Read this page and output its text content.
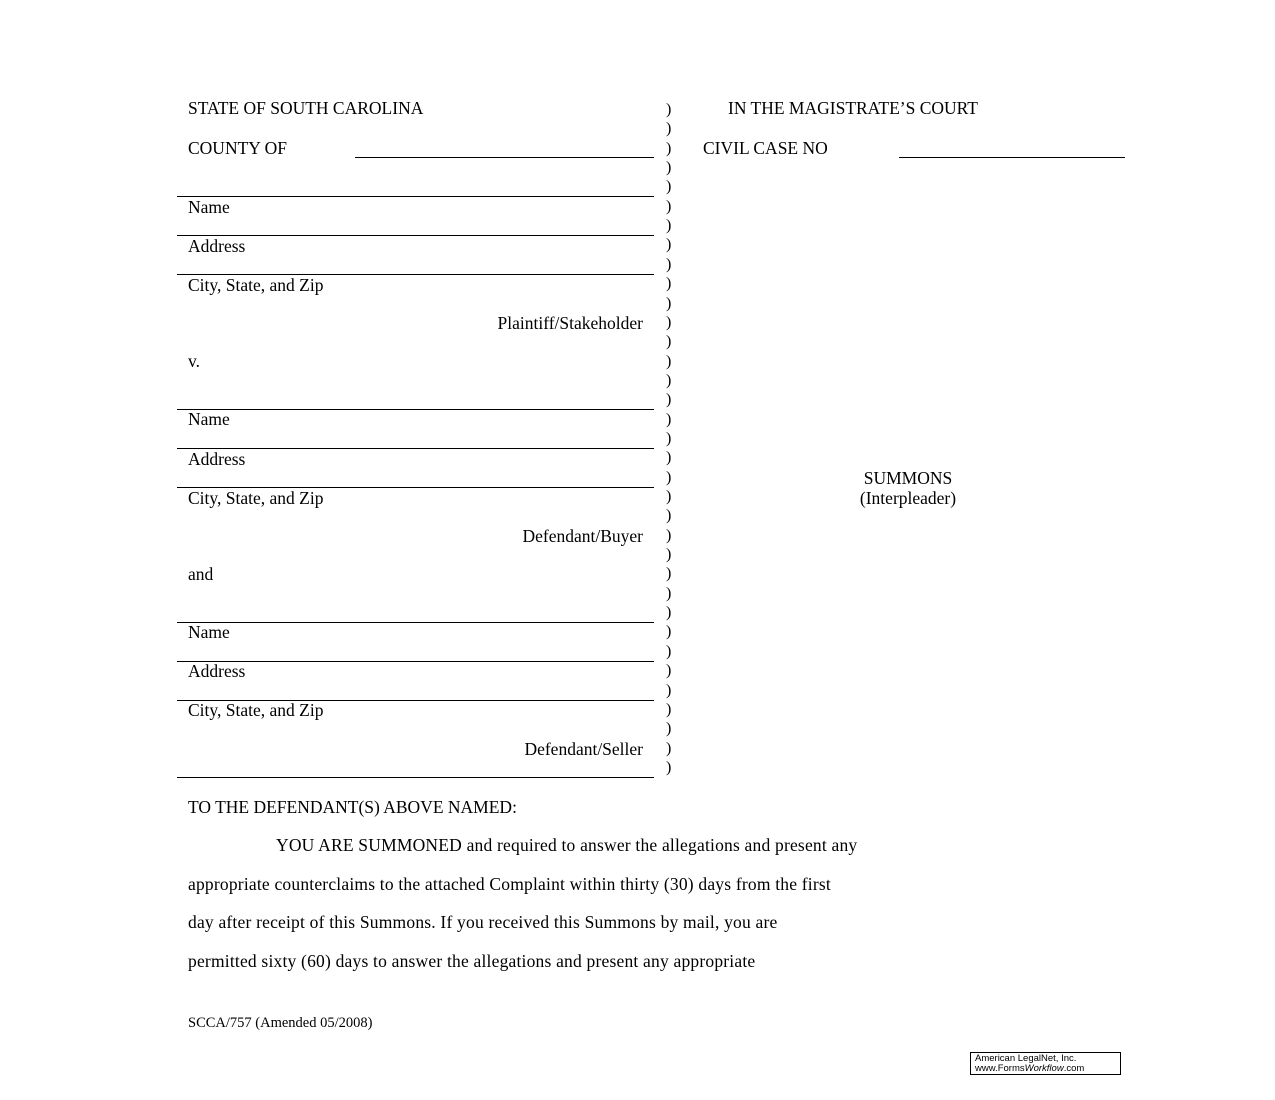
STATE OF SOUTH CAROLINA	IN THE MAGISTRATE’S COURT
COUNTY OF	CIVIL CASE NO
Name
Address
City, State, and Zip
Plaintiff/Stakeholder
v.
Name
Address
City, State, and Zip
Defendant/Buyer
and
Name
Address
City, State, and Zip
Defendant/Seller
)
)
)
)
)
)
)
)
)
)
)
)
)
)
)
)
)
)
)
)
)
)
)
)
)
)
)
)
)
)
)
)
)
)
)
SUMMONS
(Interpleader)
TO THE DEFENDANT(S) ABOVE NAMED:
YOU ARE SUMMONED and required to answer the allegations and present any
appropriate counterclaims to the attached Complaint within thirty (30) days from the first
day after receipt of this Summons. If you received this Summons by mail, you are
permitted sixty (60) days to answer the allegations and present any appropriate
SCCA/757 (Amended 05/2008)
American LegalNet, Inc.
www.FormsWorkflow.com
